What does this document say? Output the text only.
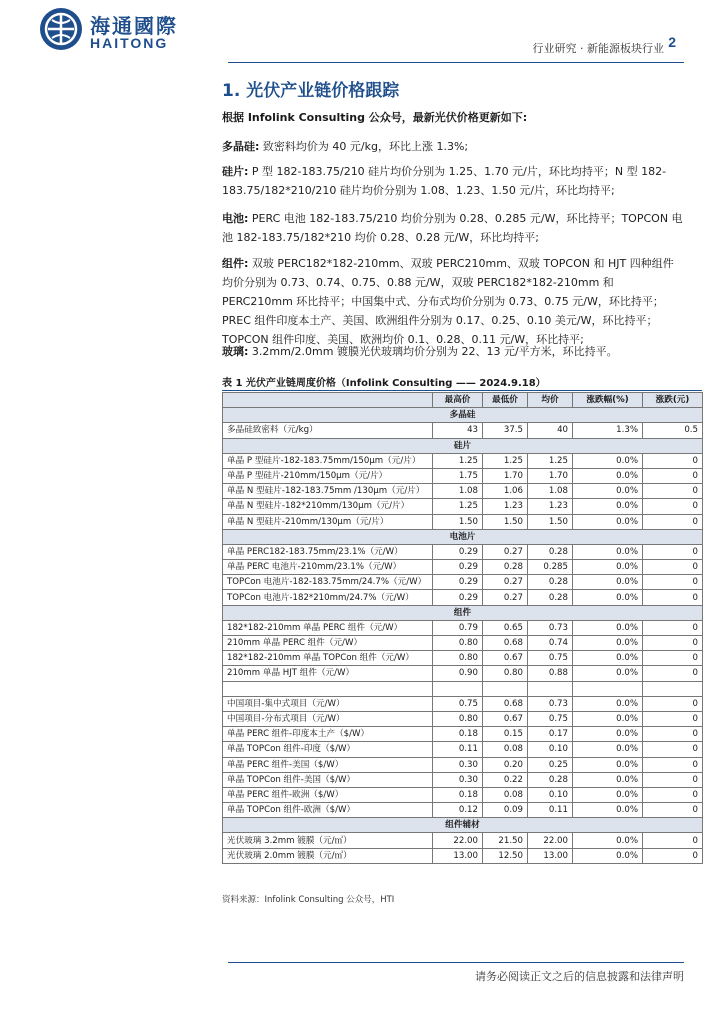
海通國際
HAITONG	行业研究 · 新能源板块行业 2
1. 光伏产业链价格跟踪
根据 Infolink Consulting 公众号，最新光伏价格更新如下:
多晶硅: 致密料均价为 40 元/kg，环比上涨 1.3%;
硅片: P 型 182-183.75/210 硅片均价分别为 1.25、1.70 元/片，环比均持平；N 型 182-183.75/182*210/210 硅片均价分别为 1.08、1.23、1.50 元/片，环比均持平;
电池: PERC 电池 182-183.75/210 均价分别为 0.28、0.285 元/W，环比持平；TOPCON 电池 182-183.75/182*210 均价 0.28、0.28 元/W，环比均持平;
组件: 双玻 PERC182*182-210mm、双玻 PERC210mm、双玻 TOPCON 和 HJT 四种组件均价分别为 0.73、0.74、0.75、0.88 元/W，双玻 PERC182*182-210mm 和 PERC210mm 环比持平；中国集中式、分布式均价分别为 0.73、0.75 元/W，环比持平；PREC 组件印度本土产、美国、欧洲组件分别为 0.17、0.25、0.10 美元/W，环比持平；TOPCON 组件印度、美国、欧洲均价 0.1、0.28、0.11 元/W，环比持平;
玻璃: 3.2mm/2.0mm 镀膜光伏玻璃均价分别为 22、13 元/平方米，环比持平。
表 1 光伏产业链周度价格（Infolink Consulting —— 2024.9.18）
	最高价	最低价	均价	涨跌幅(%)	涨跌(元)
多晶硅					
多晶硅致密料（元/kg）	43	37.5	40	1.3%	0.5
硅片					
单晶 P 型硅片-182-183.75mm/150μm（元/片）	1.25	1.25	1.25	0.0%	0
单晶 P 型硅片-210mm/150μm（元/片）	1.75	1.70	1.70	0.0%	0
单晶 N 型硅片-182-183.75mm /130μm（元/片）	1.08	1.06	1.08	0.0%	0
单晶 N 型硅片-182*210mm/130μm（元/片）	1.25	1.23	1.23	0.0%	0
单晶 N 型硅片-210mm/130μm（元/片）	1.50	1.50	1.50	0.0%	0
电池片					
单晶 PERC182-183.75mm/23.1%（元/W）	0.29	0.27	0.28	0.0%	0
单晶 PERC 电池片-210mm/23.1%（元/W）	0.29	0.28	0.285	0.0%	0
TOPCon 电池片-182-183.75mm/24.7%（元/W）	0.29	0.27	0.28	0.0%	0
TOPCon 电池片-182*210mm/24.7%（元/W）	0.29	0.27	0.28	0.0%	0
组件					
182*182-210mm 单晶 PERC 组件（元/W）	0.79	0.65	0.73	0.0%	0
210mm 单晶 PERC 组件（元/W）	0.80	0.68	0.74	0.0%	0
182*182-210mm 单晶 TOPCon 组件（元/W）	0.80	0.67	0.75	0.0%	0
210mm 单晶 HJT 组件（元/W）	0.90	0.80	0.88	0.0%	0

中国项目-集中式项目（元/W）	0.75	0.68	0.73	0.0%	0
中国项目-分布式项目（元/W）	0.80	0.67	0.75	0.0%	0
单晶 PERC 组件-印度本土产（$/W）	0.18	0.15	0.17	0.0%	0
单晶 TOPCon 组件-印度（$/W）	0.11	0.08	0.10	0.0%	0
单晶 PERC 组件-美国（$/W）	0.30	0.20	0.25	0.0%	0
单晶 TOPCon 组件-美国（$/W）	0.30	0.22	0.28	0.0%	0
单晶 PERC 组件-欧洲（$/W）	0.18	0.08	0.10	0.0%	0
单晶 TOPCon 组件-欧洲（$/W）	0.12	0.09	0.11	0.0%	0
组件辅材					
光伏玻璃 3.2mm 镀膜（元/㎡）	22.00	21.50	22.00	0.0%	0
光伏玻璃 2.0mm 镀膜（元/㎡）	13.00	12.50	13.00	0.0%	0
资料来源：Infolink Consulting 公众号，HTI
请务必阅读正文之后的信息披露和法律声明
